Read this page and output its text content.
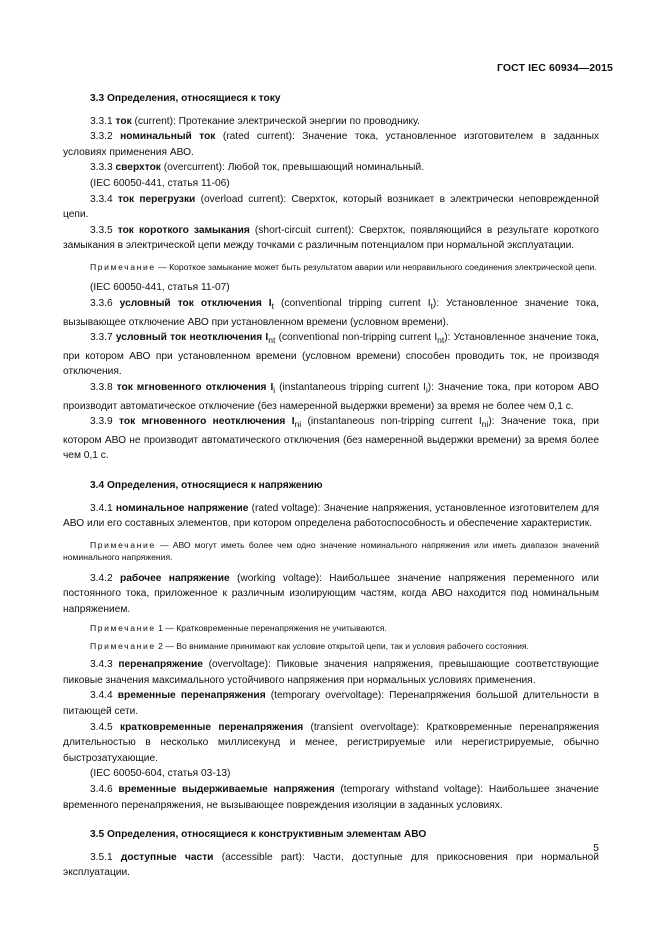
ГОСТ IEC 60934—2015
3.3 Определения, относящиеся к току

3.3.1 ток (current): Протекание электрической энергии по проводнику.

3.3.2 номинальный ток (rated current): Значение тока, установленное изготовителем в заданных условиях применения АВО.

3.3.3 сверхток (overcurrent): Любой ток, превышающий номинальный.

(IEC 60050-441, статья 11-06)

3.3.4 ток перегрузки (overload current): Сверхток, который возникает в электрически неповрежденной цепи.

3.3.5 ток короткого замыкания (short-circuit current): Сверхток, появляющийся в результате короткого замыкания в электрической цепи между точками с различным потенциалом при нормальной эксплуатации.

Примечание — Короткое замыкание может быть результатом аварии или неправильного соединения электрической цепи.

(IEC 60050-441, статья 11-07)

3.3.6 условный ток отключения $I_t$ (conventional tripping current $I_t$): Установленное значение тока, вызывающее отключение АВО при установленном времени (условном времени).

3.3.7 условный ток неотключения $I_{nt}$ (conventional non-tripping current $I_{nt}$): Установленное значение тока, при котором АВО при установленном времени (условном времени) способен проводить ток, не производя отключения.

3.3.8 ток мгновенного отключения $I_i$ (instantaneous tripping current $I_i$): Значение тока, при котором АВО производит автоматическое отключение (без намеренной выдержки времени) за время не более чем 0,1 с.

3.3.9 ток мгновенного неотключения $I_{ni}$ (instantaneous non-tripping current $I_{ni}$): Значение тока, при котором АВО не производит автоматического отключения (без намеренной выдержки времени) за время более чем 0,1 с.

3.4 Определения, относящиеся к напряжению

3.4.1 номинальное напряжение (rated voltage): Значение напряжения, установленное изготовителем для АВО или его составных элементов, при котором определена работоспособность и обеспечение характеристик.

Примечание — АВО могут иметь более чем одно значение номинального напряжения или иметь диапазон значений номинального напряжения.

3.4.2 рабочее напряжение (working voltage): Наибольшее значение напряжения переменного или постоянного тока, приложенное к различным изолирующим частям, когда АВО находится под номинальным напряжением.

Примечание 1 — Кратковременные перенапряжения не учитываются.
Примечание 2 — Во внимание принимают как условие открытой цепи, так и условия рабочего состояния.

3.4.3 перенапряжение (overvoltage): Пиковые значения напряжения, превышающие соответствующие пиковые значения максимального устойчивого напряжения при нормальных условиях применения.

3.4.4 временные перенапряжения (temporary overvoltage): Перенапряжения большой длительности в питающей сети.

3.4.5 кратковременные перенапряжения (transient overvoltage): Кратковременные перенапряжения длительностью в несколько миллисекунд и менее, регистрируемые или нерегистрируемые, обычно быстрозатухающие.

(IEC 60050-604, статья 03-13)

3.4.6 временные выдерживаемые напряжения (temporary withstand voltage): Наибольшее значение временного перенапряжения, не вызывающее повреждения изоляции в заданных условиях.

3.5 Определения, относящиеся к конструктивным элементам АВО

3.5.1 доступные части (accessible part): Части, доступные для прикосновения при нормальной эксплуатации.

5
